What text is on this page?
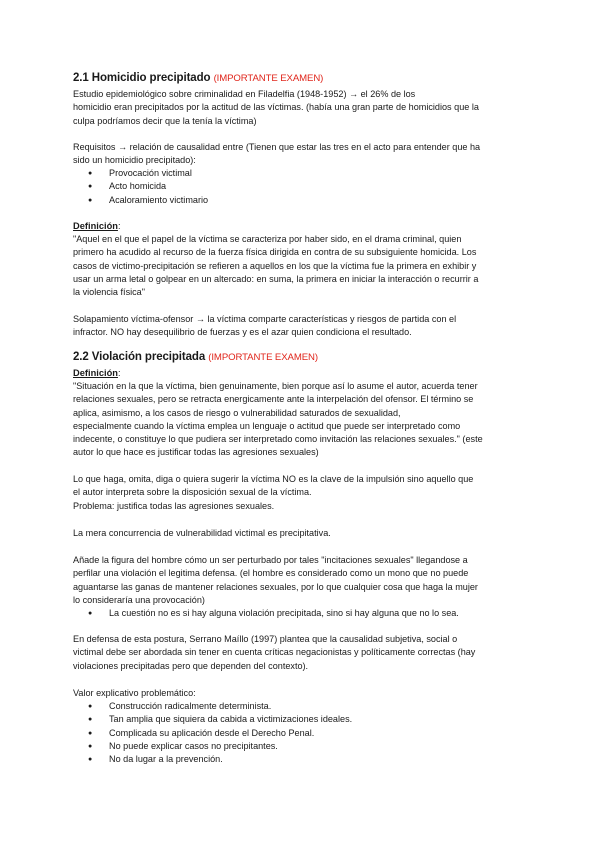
2.1 Homicidio precipitado (IMPORTANTE EXAMEN)
Estudio epidemiológico sobre criminalidad en Filadelfia (1948-1952) → el 26% de los
homicidio eran precipitados por la actitud de las víctimas. (había una gran parte de homicidios que la
culpa podríamos decir que la tenía la víctima)
Requisitos → relación de causalidad entre (Tienen que estar las tres en el acto para entender que ha
sido un homicidio precipitado):
● Provocación victimal
● Acto homicida
● Acaloramiento victimario
Definición:
"Aquel en el que el papel de la víctima se caracteriza por haber sido, en el drama criminal, quien
primero ha acudido al recurso de la fuerza física dirigida en contra de su subsiguiente homicida. Los
casos de victimo-precipitación se refieren a aquellos en los que la víctima fue la primera en exhibir y
usar un arma letal o golpear en un altercado: en suma, la primera en iniciar la interacción o recurrir a
la violencia física"
Solapamiento víctima-ofensor → la víctima comparte características y riesgos de partida con el
infractor. NO hay desequilibrio de fuerzas y es el azar quien condiciona el resultado.
2.2 Violación precipitada (IMPORTANTE EXAMEN)
Definición:
"Situación en la que la víctima, bien genuinamente, bien porque así lo asume el autor, acuerda tener
relaciones sexuales, pero se retracta energicamente ante la interpelación del ofensor. El término se
aplica, asimismo, a los casos de riesgo o vulnerabilidad saturados de sexualidad,
especialmente cuando la víctima emplea un lenguaje o actitud que puede ser interpretado como
indecente, o constituye lo que pudiera ser interpretado como invitación las relaciones sexuales." (este
autor lo que hace es justificar todas las agresiones sexuales)
Lo que haga, omita, diga o quiera sugerir la víctima NO es la clave de la impulsión sino aquello que
el autor interpreta sobre la disposición sexual de la víctima.
Problema: justifica todas las agresiones sexuales.
La mera concurrencia de vulnerabilidad victimal es precipitativa.
Añade la figura del hombre cómo un ser perturbado por tales "incitaciones sexuales" llegandose a
perfilar una violación el legitima defensa. (el hombre es considerado como un mono que no puede
aguantarse las ganas de mantener relaciones sexuales, por lo que cualquier cosa que haga la mujer
lo consideraría una provocación)
● La cuestión no es si hay alguna violación precipitada, sino si hay alguna que no lo sea.
En defensa de esta postura, Serrano Maíllo (1997) plantea que la causalidad subjetiva, social o
victimal debe ser abordada sin tener en cuenta críticas negacionistas y políticamente correctas (hay
violaciones precipitadas pero que dependen del contexto).
Valor explicativo problemático:
● Construcción radicalmente determinista.
● Tan amplia que siquiera da cabida a victimizaciones ideales.
● Complicada su aplicación desde el Derecho Penal.
● No puede explicar casos no precipitantes.
● No da lugar a la prevención.
